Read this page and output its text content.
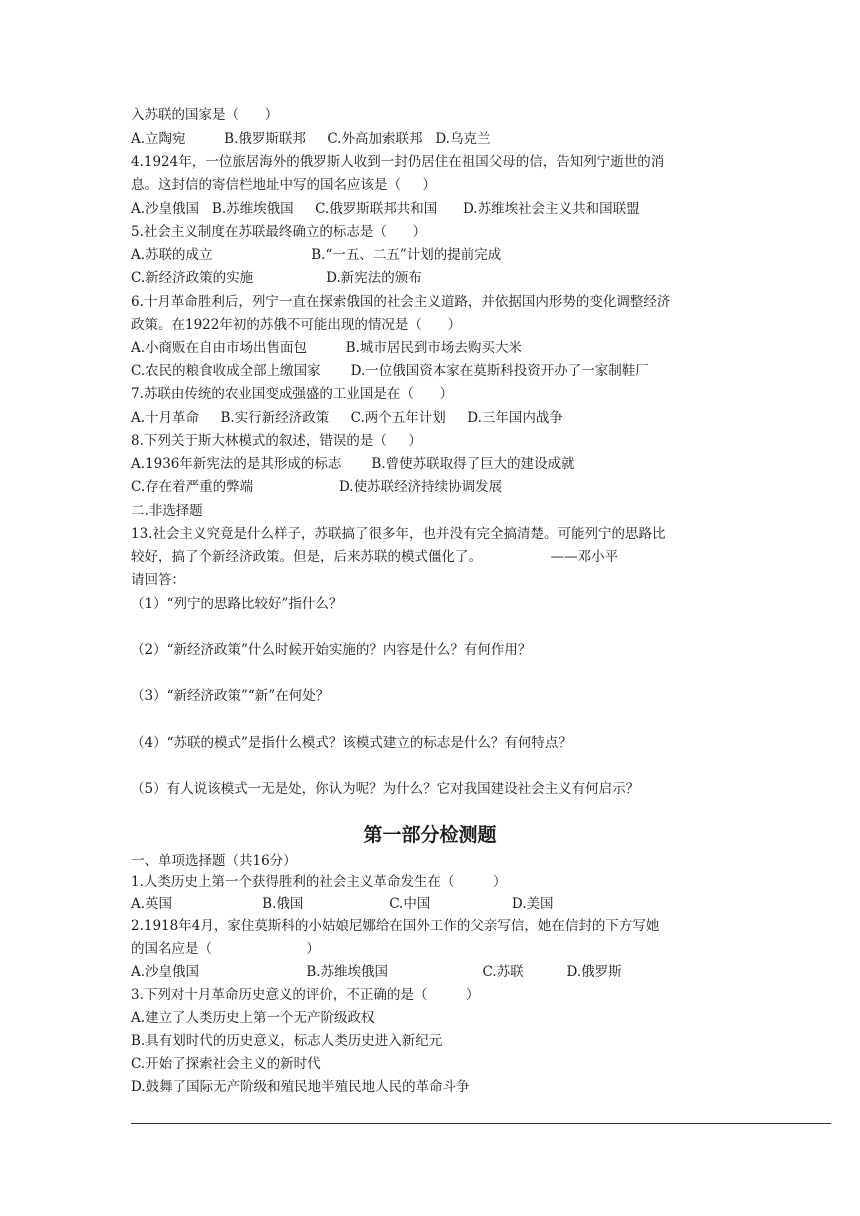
入苏联的国家是（      ）
A.立陶宛         B.俄罗斯联邦     C.外高加索联邦   D.乌克兰
4.1924年，一位旅居海外的俄罗斯人收到一封仍居住在祖国父母的信，告知列宁逝世的消
息。这封信的寄信栏地址中写的国名应该是（     ）
A.沙皇俄国   B.苏维埃俄国     C.俄罗斯联邦共和国      D.苏维埃社会主义共和国联盟
5.社会主义制度在苏联最终确立的标志是（      ）
A.苏联的成立                       B.“一五、二五”计划的提前完成
C.新经济政策的实施                 D.新宪法的颁布
6.十月革命胜利后，列宁一直在探索俄国的社会主义道路，并依据国内形势的变化调整经济
政策。在1922年初的苏俄不可能出现的情况是（      ）
A.小商贩在自由市场出售面包         B.城市居民到市场去购买大米
C.农民的粮食收成全部上缴国家       D.一位俄国资本家在莫斯科投资开办了一家制鞋厂
7.苏联由传统的农业国变成强盛的工业国是在（      ）
A.十月革命     B.实行新经济政策     C.两个五年计划     D.三年国内战争
8.下列关于斯大林模式的叙述，错误的是（     ）
A.1936年新宪法的是其形成的标志       B.曾使苏联取得了巨大的建设成就
C.存在着严重的弊端                    D.使苏联经济持续协调发展
二.非选择题
13.社会主义究竟是什么样子，苏联搞了很多年，也并没有完全搞清楚。可能列宁的思路比
较好，搞了个新经济政策。但是，后来苏联的模式僵化了。                ——邓小平
请回答：
（1）“列宁的思路比较好”指什么？
（2）“新经济政策”什么时候开始实施的？内容是什么？有何作用？
（3）“新经济政策”“新”在何处？
（4）“苏联的模式”是指什么模式？该模式建立的标志是什么？有何特点？
（5）有人说该模式一无是处，你认为呢？为什么？它对我国建设社会主义有何启示？
第一部分检测题
一、单项选择题（共16分）
1.人类历史上第一个获得胜利的社会主义革命发生在（         ）
A.英国                     B.俄国                    C.中国                   D.美国
2.1918年4月，家住莫斯科的小姑娘尼娜给在国外工作的父亲写信，她在信封的下方写她
的国名应是（                      ）
A.沙皇俄国                         B.苏维埃俄国                      C.苏联          D.俄罗斯
3.下列对十月革命历史意义的评价，不正确的是（         ）
A.建立了人类历史上第一个无产阶级政权
B.具有划时代的历史意义，标志人类历史进入新纪元
C.开始了探索社会主义的新时代
D.鼓舞了国际无产阶级和殖民地半殖民地人民的革命斗争
